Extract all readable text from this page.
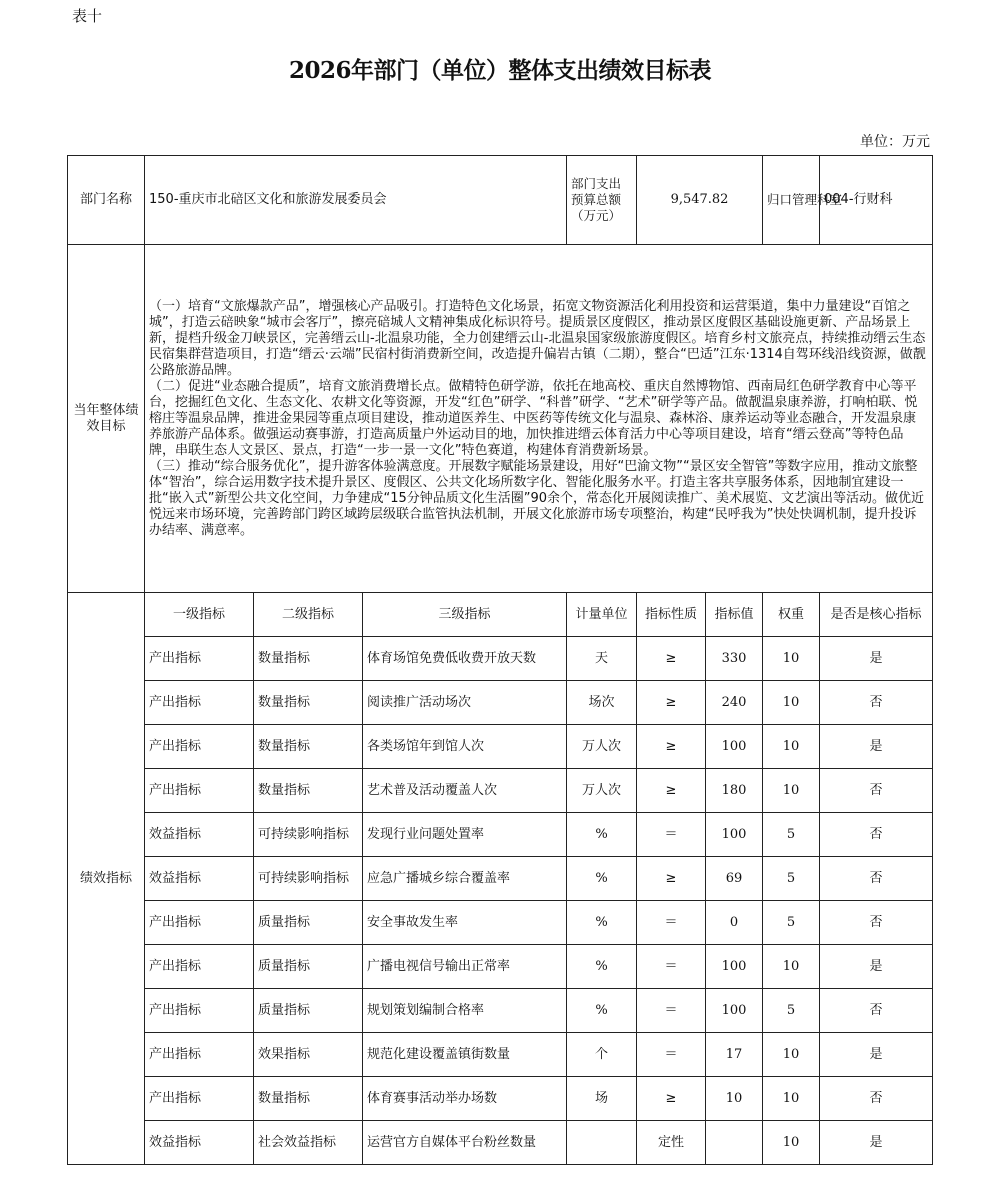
表十
2026年部门（单位）整体支出绩效目标表
单位：万元
部门名称	150-重庆市北碚区文化和旅游发展委员会			部门支出预算总额（万元）	9,547.82		归口管理科室	004-行财科
当年整体绩效目标	（一）培育“文旅爆款产品”，增强核心产品吸引。打造特色文化场景，拓宽文物资源活化利用投资和运营渠道，集中力量建设“百馆之城”，打造云碚映象“城市会客厅”，擦亮碚城人文精神集成化标识符号。提质景区度假区，推动景区度假区基础设施更新、产品场景上新，提档升级金刀峡景区，完善缙云山-北温泉功能，全力创建缙云山-北温泉国家级旅游度假区。培育乡村文旅亮点，持续推动缙云生态民宿集群营造项目，打造“缙云·云端”民宿村街消费新空间，改造提升偏岩古镇（二期），整合“巴适”江东·1314自驾环线沿线资源，做靓公路旅游品牌。

（二）促进“业态融合提质”，培育文旅消费增长点。做精特色研学游，依托在地高校、重庆自然博物馆、西南局红色研学教育中心等平台，挖掘红色文化、生态文化、农耕文化等资源，开发“红色”研学、“科普”研学、“艺术”研学等产品。做靓温泉康养游，打响柏联、悦榕庄等温泉品牌，推进金果园等重点项目建设，推动道医养生、中医药等传统文化与温泉、森林浴、康养运动等业态融合，开发温泉康养旅游产品体系。做强运动赛事游，打造高质量户外运动目的地，加快推进缙云体育活力中心等项目建设，培育“缙云登高”等特色品牌，串联生态人文景区、景点，打造“一步一景一文化”特色赛道，构建体育消费新场景。

（三）推动“综合服务优化”，提升游客体验满意度。开展数字赋能场景建设，用好“巴渝文物”“景区安全智管”等数字应用，推动文旅整体“智治”，综合运用数字技术提升景区、度假区、公共文化场所数字化、智能化服务水平。打造主客共享服务体系，因地制宜建设一批“嵌入式”新型公共文化空间，力争建成“15分钟品质文化生活圈”90余个，常态化开展阅读推广、美术展览、文艺演出等活动。做优近悦远来市场环境，完善跨部门跨区域跨层级联合监管执法机制，开展文化旅游市场专项整治，构建“民呼我为”快处快调机制，提升投诉办结率、满意率。							

绩效指标	一级指标	二级指标	三级指标	计量单位	指标性质	指标值	权重	是否是核心指标
	产出指标	数量指标	体育场馆免费低收费开放天数	天	≥	330	10	是
	产出指标	数量指标	阅读推广活动场次	场次	≥	240	10	否
	产出指标	数量指标	各类场馆年到馆人次	万人次	≥	100	10	是
	产出指标	数量指标	艺术普及活动覆盖人次	万人次	≥	180	10	否
	效益指标	可持续影响指标	发现行业问题处置率	%	＝	100	5	否
	效益指标	可持续影响指标	应急广播城乡综合覆盖率	%	≥	69	5	否
	产出指标	质量指标	安全事故发生率	%	＝	0	5	否
	产出指标	质量指标	广播电视信号输出正常率	%	＝	100	10	是
	产出指标	质量指标	规划策划编制合格率	%	＝	100	5	否
	产出指标	效果指标	规范化建设覆盖镇街数量	个	＝	17	10	是
	产出指标	数量指标	体育赛事活动举办场数	场	≥	10	10	否
	效益指标	社会效益指标	运营官方自媒体平台粉丝数量		定性		10	是
